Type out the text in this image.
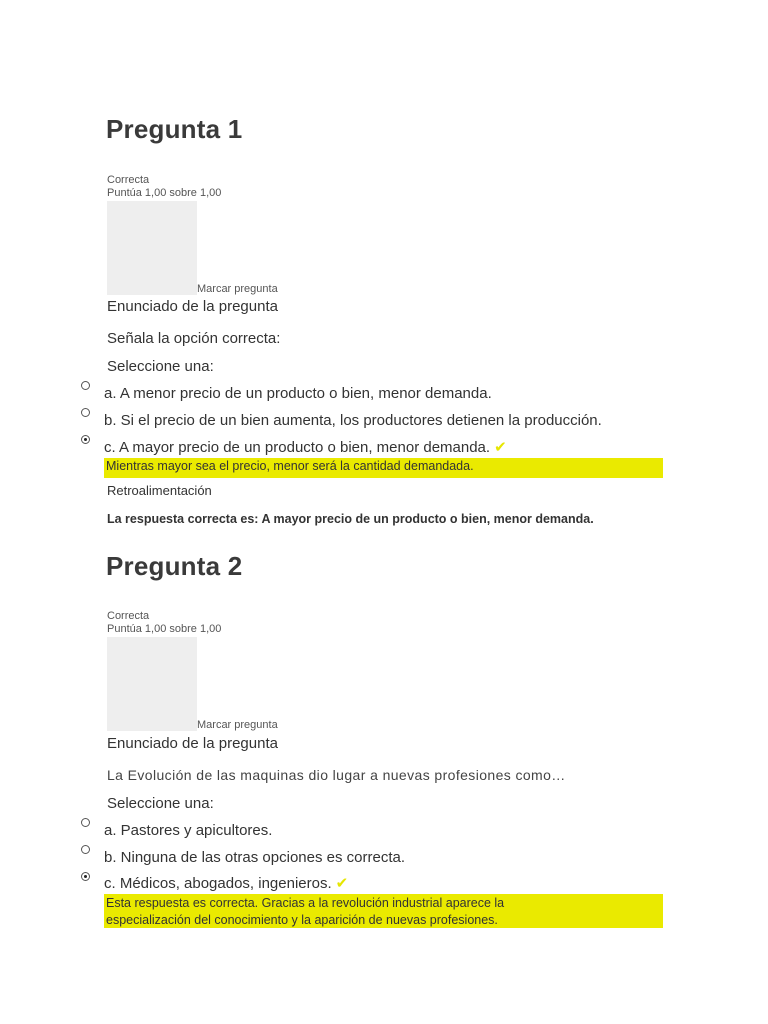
Pregunta 1
Correcta
Puntúa 1,00 sobre 1,00
Marcar pregunta
Enunciado de la pregunta
Señala la opción correcta:
Seleccione una:
a. A menor precio de un producto o bien, menor demanda.
b. Si el precio de un bien aumenta, los productores detienen la producción.
c. A mayor precio de un producto o bien, menor demanda. ✔
Mientras mayor sea el precio, menor será la cantidad demandada.
Retroalimentación
La respuesta correcta es: A mayor precio de un producto o bien, menor demanda.
Pregunta 2
Correcta
Puntúa 1,00 sobre 1,00
Marcar pregunta
Enunciado de la pregunta
La Evolución de las maquinas dio lugar a nuevas profesiones como…
Seleccione una:
a. Pastores y apicultores.
b. Ninguna de las otras opciones es correcta.
c. Médicos, abogados, ingenieros. ✔
Esta respuesta es correcta. Gracias a la revolución industrial aparece la
especialización del conocimiento y la aparición de nuevas profesiones.
